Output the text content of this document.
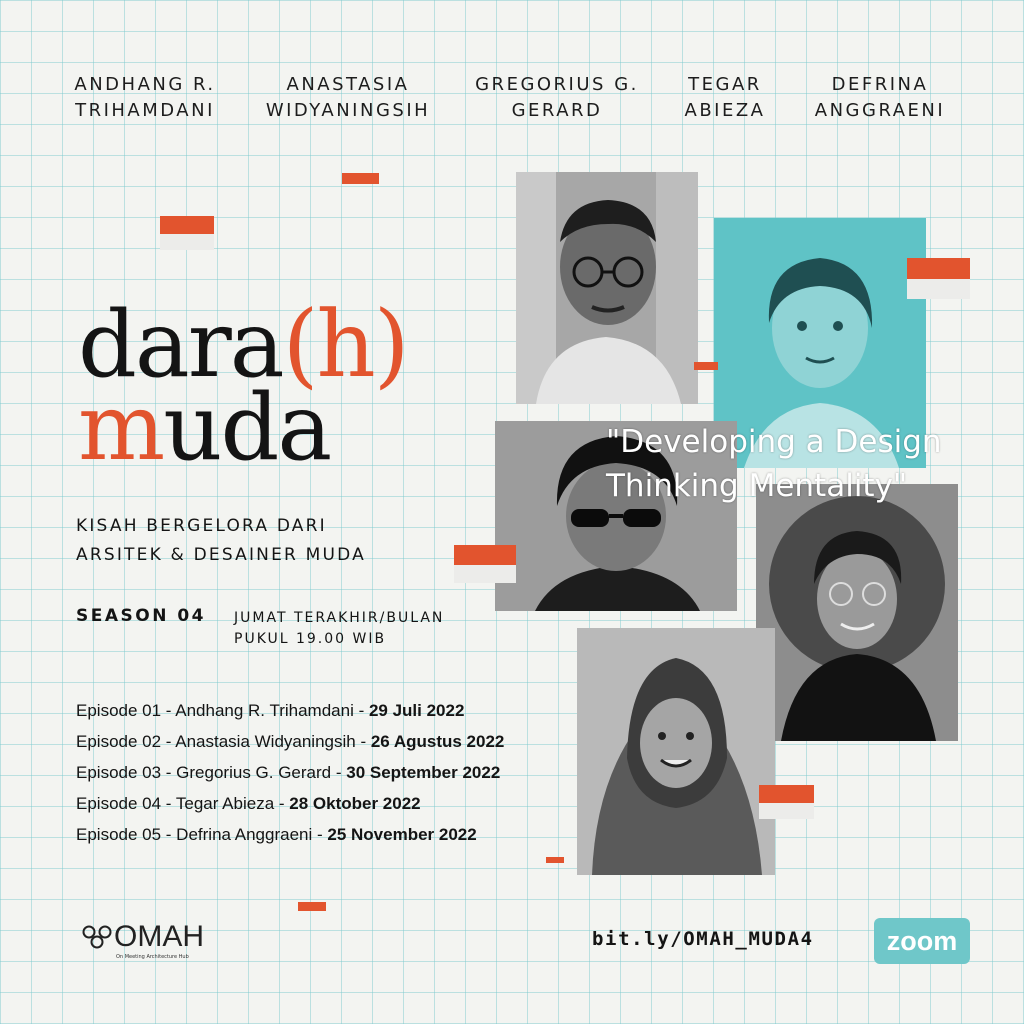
ANDHANG R.
TRIHAMDANI
ANASTASIA
WIDYANINGSIH
GREGORIUS G.
GERARD
TEGAR
ABIEZA
DEFRINA
ANGGRAENI
dara(h)
muda
KISAH BERGELORA DARI
ARSITEK & DESAINER MUDA
SEASON 04 JUMAT TERAKHIR/BULAN
PUKUL 19.00 WIB
Episode 01 - Andhang R. Trihamdani - 29 Juli 2022
Episode 02 - Anastasia Widyaningsih - 26 Agustus 2022
Episode 03 - Gregorius G. Gerard - 30 September 2022
Episode 04 - Tegar Abieza - 28 Oktober 2022
Episode 05 - Defrina Anggraeni - 25 November 2022
"Developing a Design
Thinking Mentality"
OMAH
On Meeting Architecture Hub
bit.ly/OMAH_MUDA4	zoom
